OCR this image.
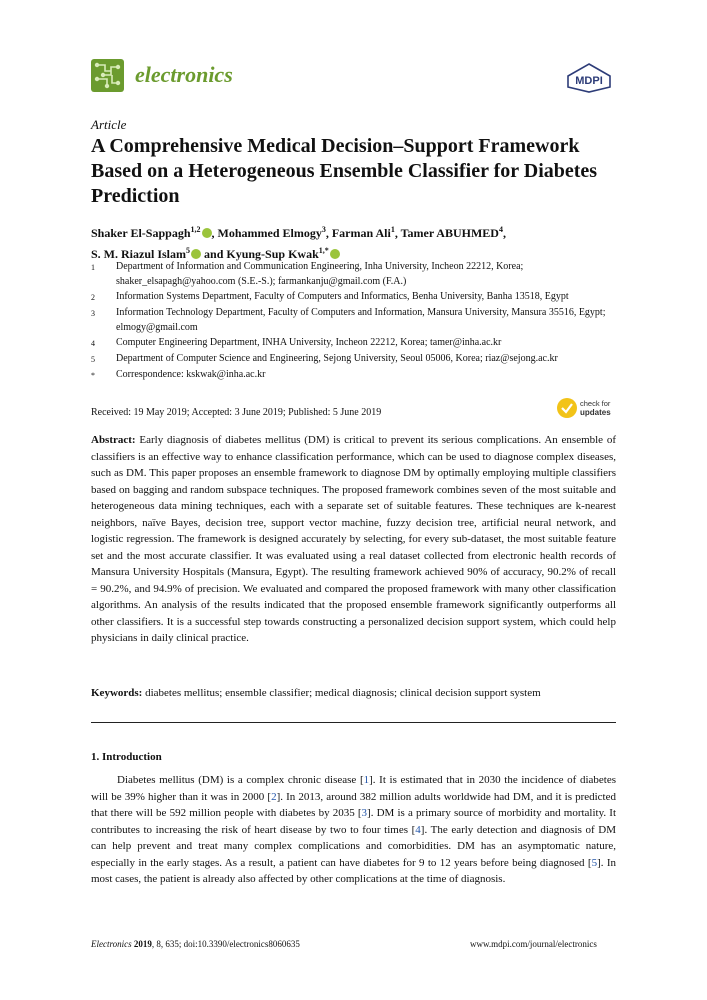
electronics	MDPI
Article
A Comprehensive Medical Decision–Support Framework Based on a Heterogeneous Ensemble Classifier for Diabetes Prediction
Shaker El-Sappagh$^{1,2}$ , Mohammed Elmogy$^3$, Farman Ali$^1$, Tamer ABUHMED$^4$,
S. M. Riazul Islam$^5$ and Kyung-Sup Kwak$^{1,*}$
1	Department of Information and Communication Engineering, Inha University, Incheon 22212, Korea; shaker_elsapagh@yahoo.com (S.E.-S.); farmankanju@gmail.com (F.A.)
2	Information Systems Department, Faculty of Computers and Informatics, Benha University, Banha 13518, Egypt
3	Information Technology Department, Faculty of Computers and Information, Mansura University, Mansura 35516, Egypt; elmogy@gmail.com
4	Computer Engineering Department, INHA University, Incheon 22212, Korea; tamer@inha.ac.kr
5	Department of Computer Science and Engineering, Sejong University, Seoul 05006, Korea; riaz@sejong.ac.kr
*	Correspondence: kskwak@inha.ac.kr
Received: 19 May 2019; Accepted: 3 June 2019; Published: 5 June 2019
check for
updates
Abstract: Early diagnosis of diabetes mellitus (DM) is critical to prevent its serious complications. An ensemble of classifiers is an effective way to enhance classification performance, which can be used to diagnose complex diseases, such as DM. This paper proposes an ensemble framework to diagnose DM by optimally employing multiple classifiers based on bagging and random subspace techniques. The proposed framework combines seven of the most suitable and heterogeneous data mining techniques, each with a separate set of suitable features. These techniques are k-nearest neighbors, naïve Bayes, decision tree, support vector machine, fuzzy decision tree, artificial neural network, and logistic regression. The framework is designed accurately by selecting, for every sub-dataset, the most suitable feature set and the most accurate classifier. It was evaluated using a real dataset collected from electronic health records of Mansura University Hospitals (Mansura, Egypt). The resulting framework achieved 90% of accuracy, 90.2% of recall = 90.2%, and 94.9% of precision. We evaluated and compared the proposed framework with many other classification algorithms. An analysis of the results indicated that the proposed ensemble framework significantly outperforms all other classifiers. It is a successful step towards constructing a personalized decision support system, which could help physicians in daily clinical practice.
Keywords: diabetes mellitus; ensemble classifier; medical diagnosis; clinical decision support system
1. Introduction
Diabetes mellitus (DM) is a complex chronic disease [1]. It is estimated that in 2030 the incidence of diabetes will be 39% higher than it was in 2000 [2]. In 2013, around 382 million adults worldwide had DM, and it is predicted that there will be 592 million people with diabetes by 2035 [3]. DM is a primary source of morbidity and mortality. It contributes to increasing the risk of heart disease by two to four times [4]. The early detection and diagnosis of DM can help prevent and treat many complex complications and comorbidities. DM has an asymptomatic nature, especially in the early stages. As a result, a patient can have diabetes for 9 to 12 years before being diagnosed [5]. In most cases, the patient is already also affected by other complications at the time of diagnosis.
Electronics 2019, 8, 635; doi:10.3390/electronics8060635	www.mdpi.com/journal/electronics
